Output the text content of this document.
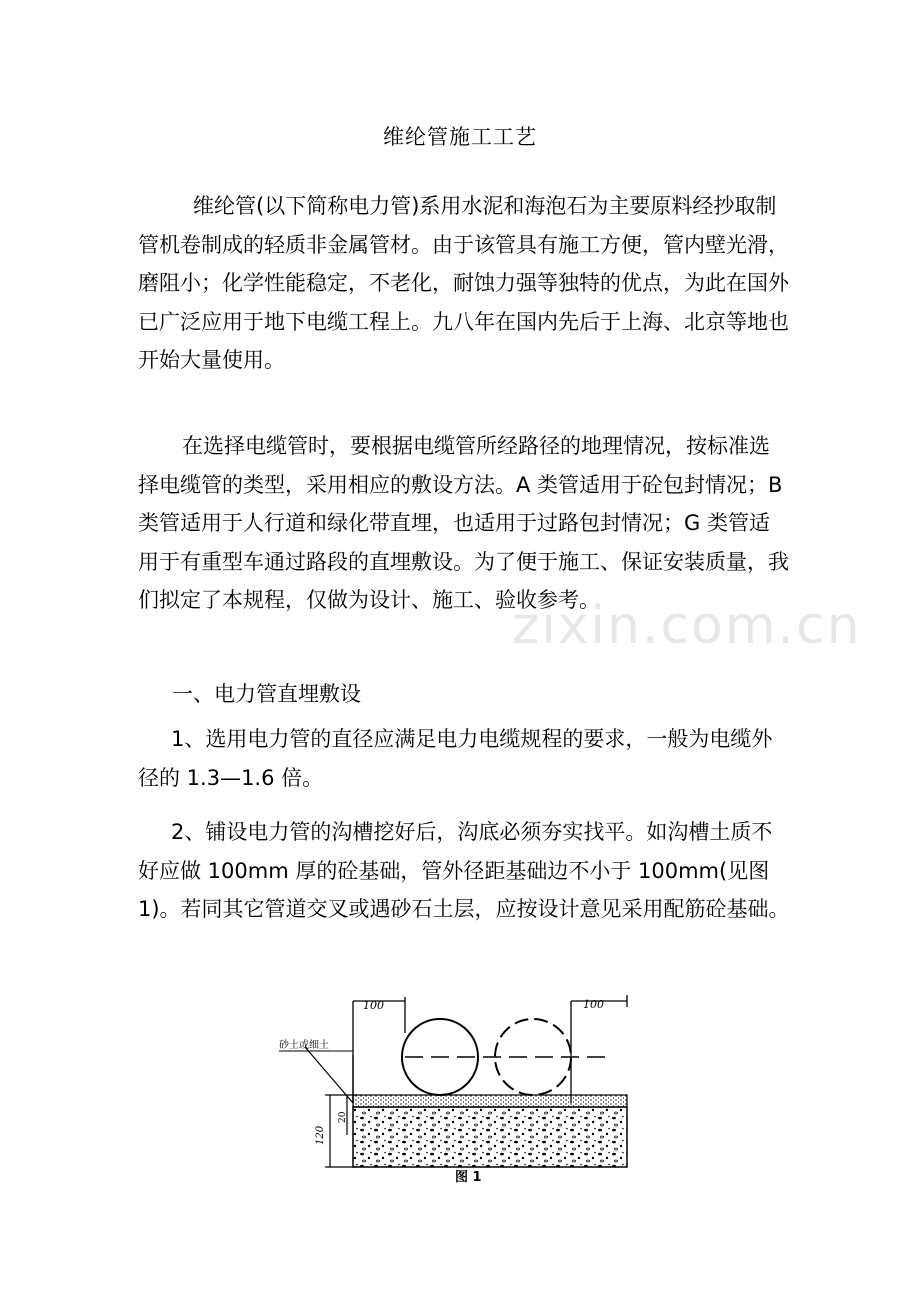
维纶管施工工艺

维纶管(以下简称电力管)系用水泥和海泡石为主要原料经抄取制管机卷制成的轻质非金属管材。由于该管具有施工方便，管内壁光滑，磨阻小；化学性能稳定，不老化，耐蚀力强等独特的优点，为此在国外已广泛应用于地下电缆工程上。九八年在国内先后于上海、北京等地也开始大量使用。

在选择电缆管时，要根据电缆管所经路径的地理情况，按标准选择电缆管的类型，采用相应的敷设方法。A 类管适用于砼包封情况；B 类管适用于人行道和绿化带直埋，也适用于过路包封情况；G 类管适用于有重型车通过路段的直埋敷设。为了便于施工、保证安装质量，我们拟定了本规程，仅做为设计、施工、验收参考。

一、电力管直埋敷设

1、选用电力管的直径应满足电力电缆规程的要求，一般为电缆外径的 1.3—1.6 倍。

2、铺设电力管的沟槽挖好后，沟底必须夯实找平。如沟槽土质不好应做 100mm 厚的砼基础，管外径距基础边不小于 100mm(见图 1)。若同其它管道交叉或遇砂石土层，应按设计意见采用配筋砼基础。

zixin.com.cn
100	100
砂土或细土
120
20
图 1
